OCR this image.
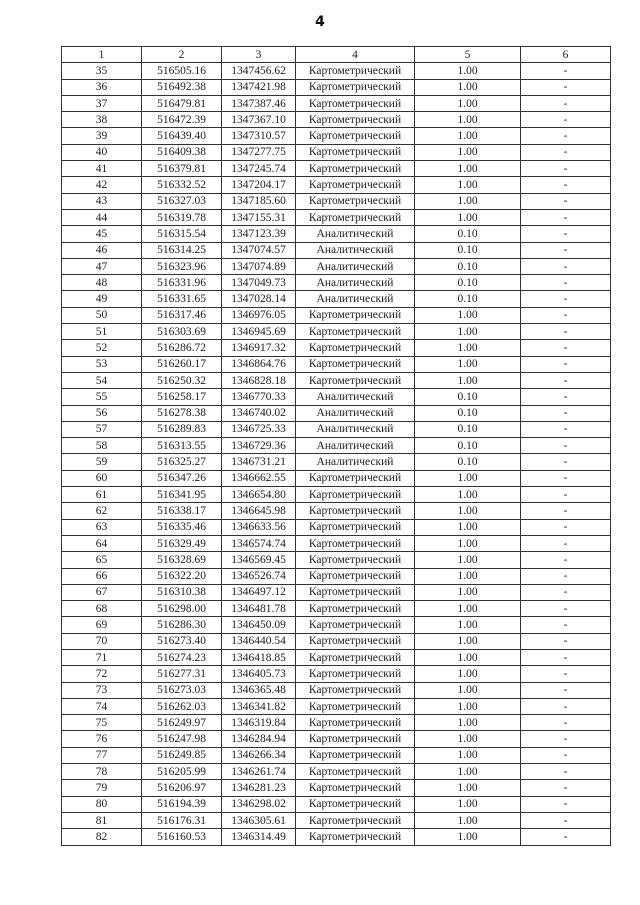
4
1	2	3	4	5	6
35	516505.16	1347456.62	Картометрический	1.00	-
36	516492.38	1347421.98	Картометрический	1.00	-
37	516479.81	1347387.46	Картометрический	1.00	-
38	516472.39	1347367.10	Картометрический	1.00	-
39	516439.40	1347310.57	Картометрический	1.00	-
40	516409.38	1347277.75	Картометрический	1.00	-
41	516379.81	1347245.74	Картометрический	1.00	-
42	516332.52	1347204.17	Картометрический	1.00	-
43	516327.03	1347185.60	Картометрический	1.00	-
44	516319.78	1347155.31	Картометрический	1.00	-
45	516315.54	1347123.39	Аналитический	0.10	-
46	516314.25	1347074.57	Аналитический	0.10	-
47	516323.96	1347074.89	Аналитический	0.10	-
48	516331.96	1347049.73	Аналитический	0.10	-
49	516331.65	1347028.14	Аналитический	0.10	-
50	516317.46	1346976.05	Картометрический	1.00	-
51	516303.69	1346945.69	Картометрический	1.00	-
52	516286.72	1346917.32	Картометрический	1.00	-
53	516260.17	1346864.76	Картометрический	1.00	-
54	516250.32	1346828.18	Картометрический	1.00	-
55	516258.17	1346770.33	Аналитический	0.10	-
56	516278.38	1346740.02	Аналитический	0.10	-
57	516289.83	1346725.33	Аналитический	0.10	-
58	516313.55	1346729.36	Аналитический	0.10	-
59	516325.27	1346731.21	Аналитический	0.10	-
60	516347.26	1346662.55	Картометрический	1.00	-
61	516341.95	1346654.80	Картометрический	1.00	-
62	516338.17	1346645.98	Картометрический	1.00	-
63	516335.46	1346633.56	Картометрический	1.00	-
64	516329.49	1346574.74	Картометрический	1.00	-
65	516328.69	1346569.45	Картометрический	1.00	-
66	516322.20	1346526.74	Картометрический	1.00	-
67	516310.38	1346497.12	Картометрический	1.00	-
68	516298.00	1346481.78	Картометрический	1.00	-
69	516286.30	1346450.09	Картометрический	1.00	-
70	516273.40	1346440.54	Картометрический	1.00	-
71	516274.23	1346418.85	Картометрический	1.00	-
72	516277.31	1346405.73	Картометрический	1.00	-
73	516273.03	1346365.48	Картометрический	1.00	-
74	516262.03	1346341.82	Картометрический	1.00	-
75	516249.97	1346319.84	Картометрический	1.00	-
76	516247.98	1346284.94	Картометрический	1.00	-
77	516249.85	1346266.34	Картометрический	1.00	-
78	516205.99	1346261.74	Картометрический	1.00	-
79	516206.97	1346281.23	Картометрический	1.00	-
80	516194.39	1346298.02	Картометрический	1.00	-
81	516176.31	1346305.61	Картометрический	1.00	-
82	516160.53	1346314.49	Картометрический	1.00	-
